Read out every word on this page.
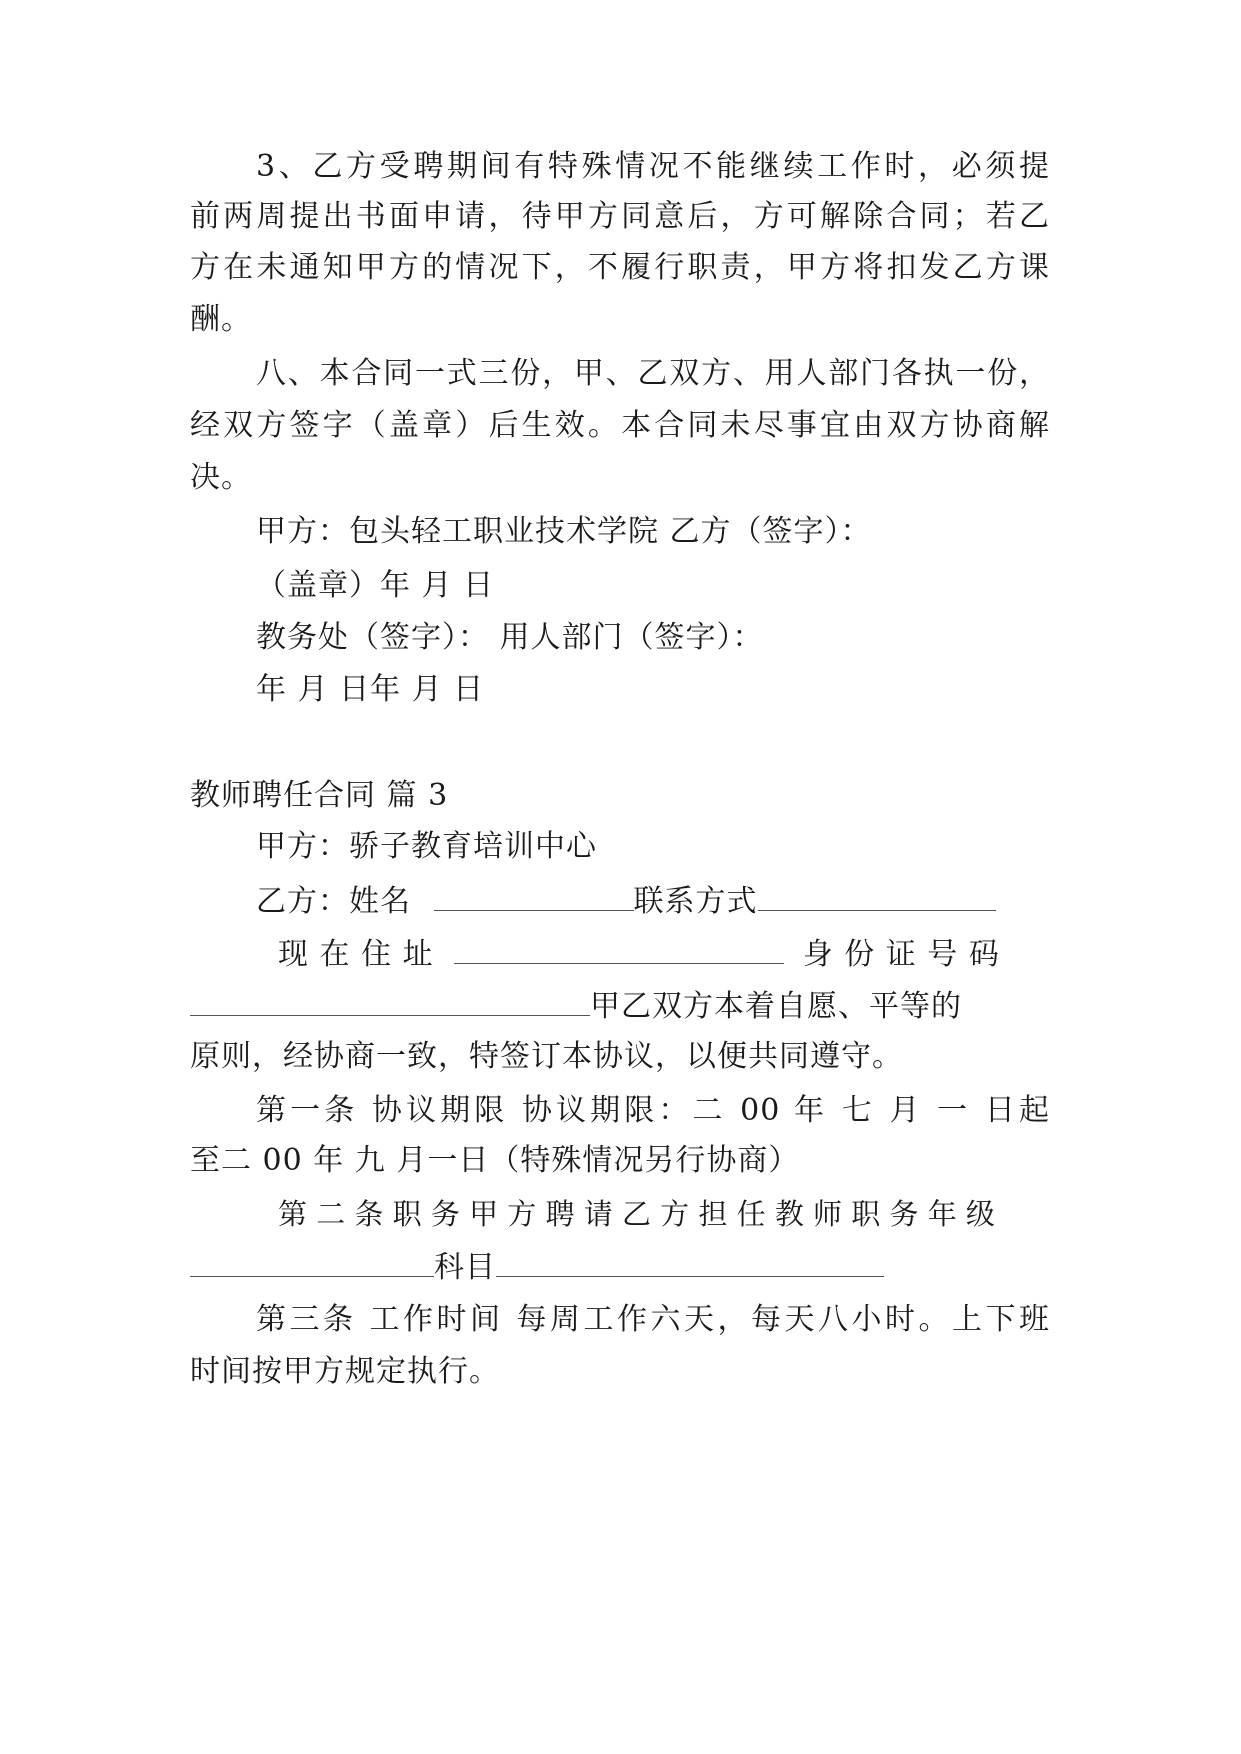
3、乙方受聘期间有特殊情况不能继续工作时，必须提
前两周提出书面申请，待甲方同意后，方可解除合同；若乙
方在未通知甲方的情况下，不履行职责，甲方将扣发乙方课
酬。
八、本合同一式三份，甲、乙双方、用人部门各执一份，
经双方签字（盖章）后生效。本合同未尽事宜由双方协商解
决。
甲方：包头轻工职业技术学院 乙方（签字）：
（盖章）年 月 日
教务处（签字）： 用人部门（签字）：
年 月 日年 月 日
教师聘任合同 篇 3
甲方：骄子教育培训中心
乙方：姓名	联系方式
现 在 住 址	身 份 证 号 码
甲乙双方本着自愿、平等的
原则，经协商一致，特签订本协议，以便共同遵守。
第一条 协议期限 协议期限：二 00 年 七 月 一 日起
至二 00 年 九 月一日（特殊情况另行协商）
第 二 条 职 务 甲 方 聘 请 乙 方 担 任 教 师 职 务 年 级
科目
第三条 工作时间 每周工作六天，每天八小时。上下班
时间按甲方规定执行。
